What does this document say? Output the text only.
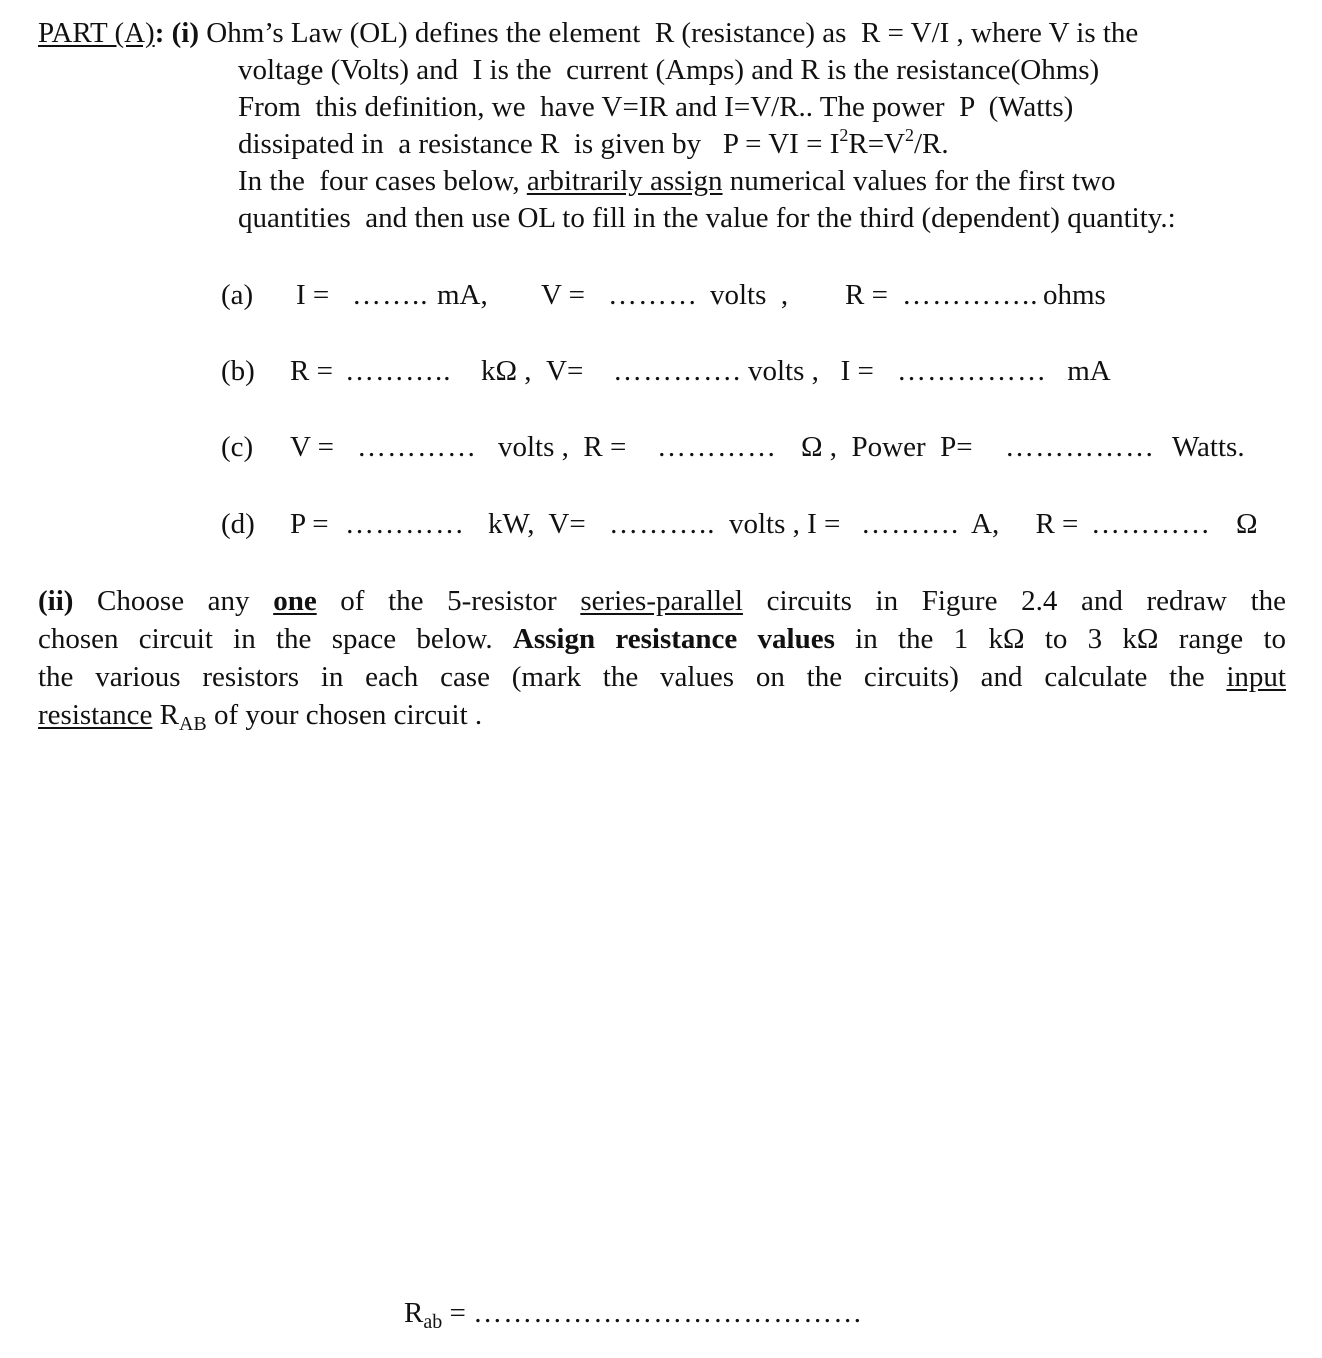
PART (A): (i) Ohm’s Law (OL) defines the element  R (resistance) as  R = V/I , where V is the
voltage (Volts) and  I is the  current (Amps) and R is the resistance(Ohms)
From  this definition, we  have V=IR and I=V/R.. The power  P  (Watts)
dissipated in  a resistance R  is given by   P = VI = $I^2R=V^2/R$.
In the  four cases below, arbitrarily assign numerical values for the first two
quantities  and then use OL to fill in the value for the third (dependent) quantity.:
(a) I = …….. mA, V = ……… volts  , R = ………….. ohms
(b) R = ……….. kΩ ,  V= …………. volts ,   I = …………… mA
(c) V = ………… volts ,  R = ………… Ω ,  Power  P= …………… Watts.
(d) P = ………… kW,  V= ……….. volts , I = ………. A,     R = ………… Ω
(ii) Choose any one of the 5-resistor series-parallel circuits in Figure 2.4 and redraw the
chosen circuit in the space below. Assign resistance values in the 1 kΩ to 3 kΩ range to
the various resistors in each case (mark the values on the circuits) and calculate the input
resistance $R_{AB}$ of your chosen circuit .
$R_{ab}$ = …………………………………
